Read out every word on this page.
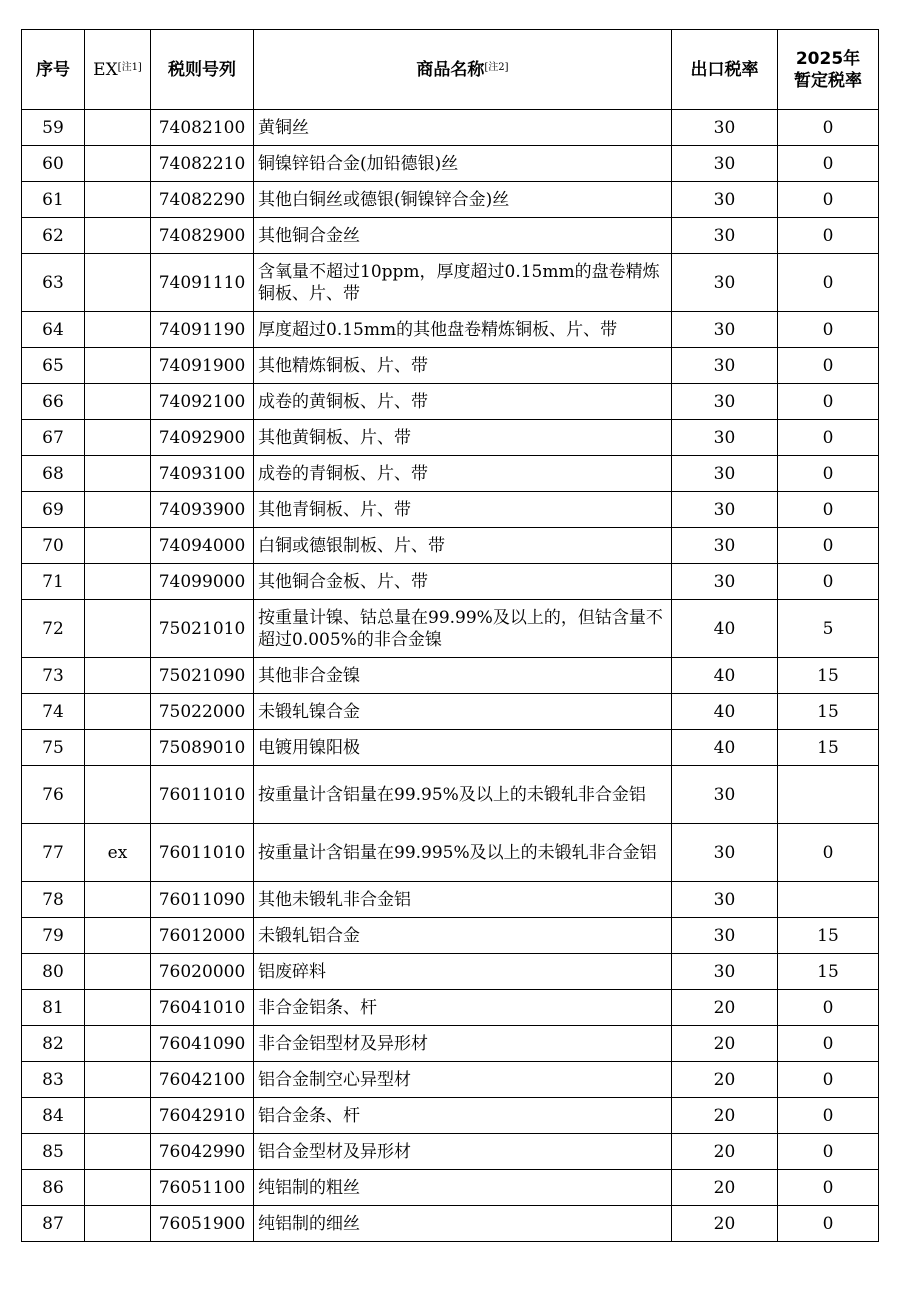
序号	EX[注1]	税则号列	商品名称[注2]	出口税率	2025年
暂定税率
59		74082100	黄铜丝	30	0
60		74082210	铜镍锌铅合金(加铅德银)丝	30	0
61		74082290	其他白铜丝或德银(铜镍锌合金)丝	30	0
62		74082900	其他铜合金丝	30	0
63		74091110	含氧量不超过10ppm，厚度超过0.15mm的盘卷精炼铜板、片、带	30	0
64		74091190	厚度超过0.15mm的其他盘卷精炼铜板、片、带	30	0
65		74091900	其他精炼铜板、片、带	30	0
66		74092100	成卷的黄铜板、片、带	30	0
67		74092900	其他黄铜板、片、带	30	0
68		74093100	成卷的青铜板、片、带	30	0
69		74093900	其他青铜板、片、带	30	0
70		74094000	白铜或德银制板、片、带	30	0
71		74099000	其他铜合金板、片、带	30	0
72		75021010	按重量计镍、钴总量在99.99%及以上的，但钴含量不超过0.005%的非合金镍	40	5
73		75021090	其他非合金镍	40	15
74		75022000	未锻轧镍合金	40	15
75		75089010	电镀用镍阳极	40	15
76		76011010	按重量计含铝量在99.95%及以上的未锻轧非合金铝	30	
77	ex	76011010	按重量计含铝量在99.995%及以上的未锻轧非合金铝	30	0
78		76011090	其他未锻轧非合金铝	30	
79		76012000	未锻轧铝合金	30	15
80		76020000	铝废碎料	30	15
81		76041010	非合金铝条、杆	20	0
82		76041090	非合金铝型材及异形材	20	0
83		76042100	铝合金制空心异型材	20	0
84		76042910	铝合金条、杆	20	0
85		76042990	铝合金型材及异形材	20	0
86		76051100	纯铝制的粗丝	20	0
87		76051900	纯铝制的细丝	20	0
